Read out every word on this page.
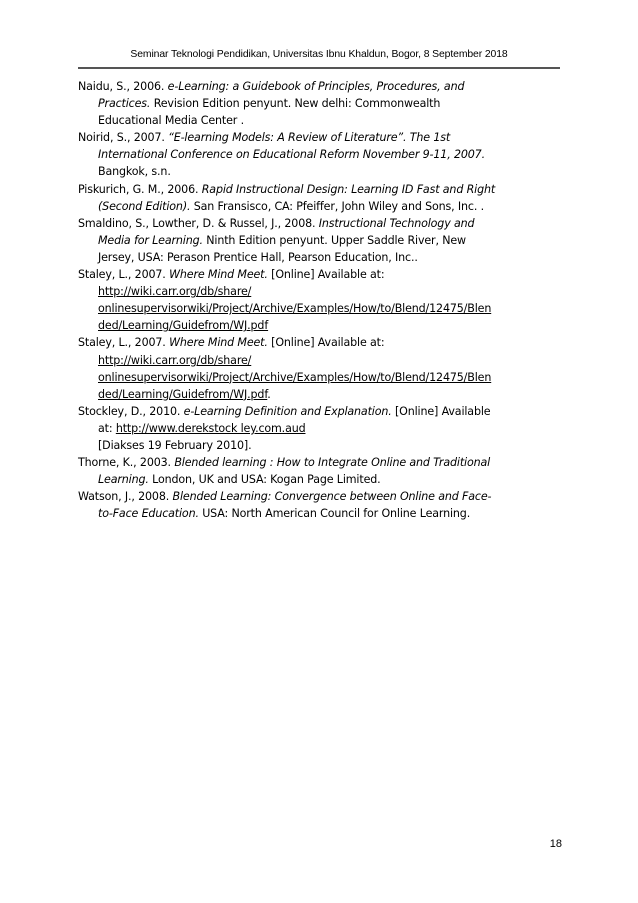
Seminar Teknologi Pendidikan, Universitas Ibnu Khaldun, Bogor, 8 September 2018
Naidu, S., 2006. e-Learning: a Guidebook of Principles, Procedures, and
Practices. Revision Edition penyunt. New delhi: Commonwealth
Educational Media Center .
Noirid, S., 2007. “E-learning Models: A Review of Literature”. The 1st
International Conference on Educational Reform November 9-11, 2007.
Bangkok, s.n.
Piskurich, G. M., 2006. Rapid Instructional Design: Learning ID Fast and Right
(Second Edition). San Fransisco, CA: Pfeiffer, John Wiley and Sons, Inc. .
Smaldino, S., Lowther, D. & Russel, J., 2008. Instructional Technology and
Media for Learning. Ninth Edition penyunt. Upper Saddle River, New
Jersey, USA: Perason Prentice Hall, Pearson Education, Inc..
Staley, L., 2007. Where Mind Meet. [Online] Available at:
http://wiki.carr.org/db/share/
onlinesupervisorwiki/Project/Archive/Examples/How/to/Blend/12475/Blen
ded/Learning/Guidefrom/WJ.pdf
Staley, L., 2007. Where Mind Meet. [Online] Available at:
http://wiki.carr.org/db/share/
onlinesupervisorwiki/Project/Archive/Examples/How/to/Blend/12475/Blen
ded/Learning/Guidefrom/WJ.pdf.
Stockley, D., 2010. e-Learning Definition and Explanation. [Online] Available
at: http://www.derekstock ley.com.aud
[Diakses 19 February 2010].
Thorne, K., 2003. Blended learning : How to Integrate Online and Traditional
Learning. London, UK and USA: Kogan Page Limited.
Watson, J., 2008. Blended Learning: Convergence between Online and Face-
to-Face Education. USA: North American Council for Online Learning.
18
